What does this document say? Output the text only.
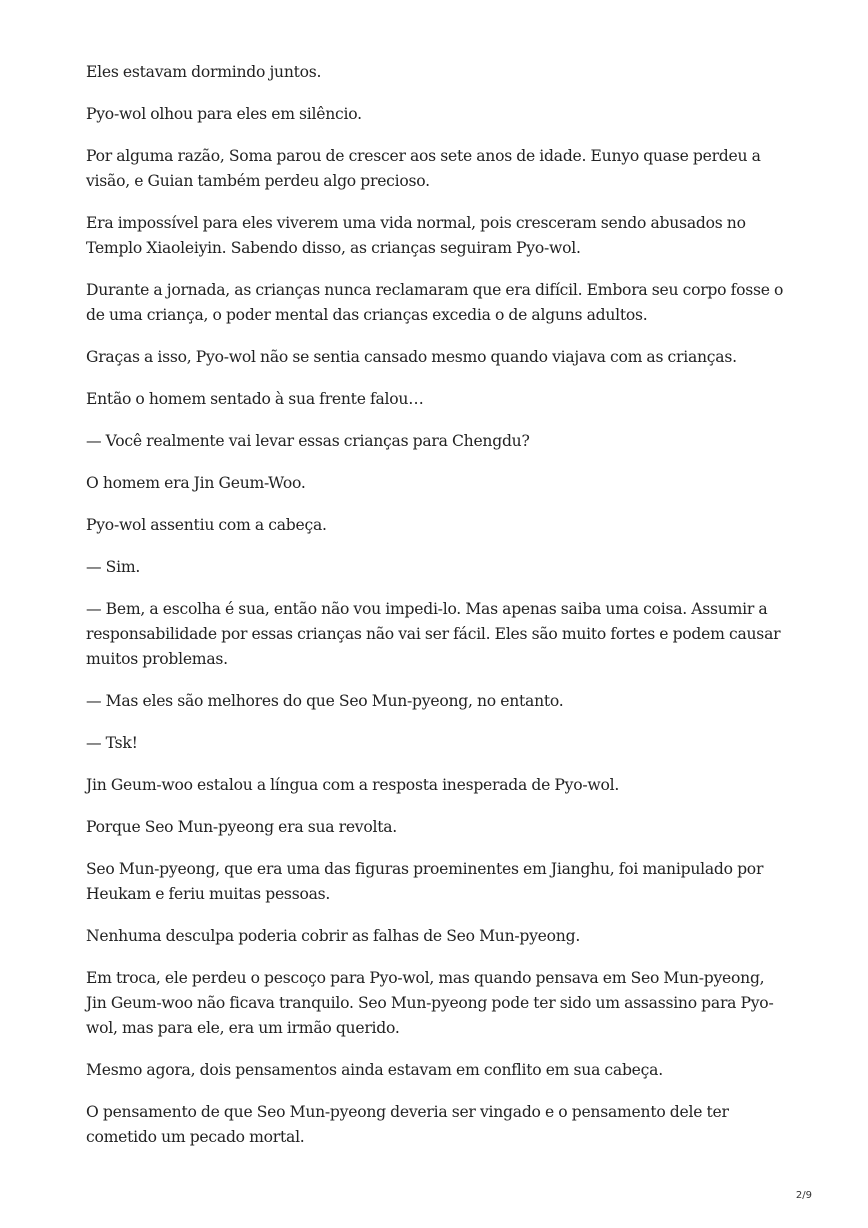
Eles estavam dormindo juntos.

Pyo-wol olhou para eles em silêncio.

Por alguma razão, Soma parou de crescer aos sete anos de idade. Eunyo quase perdeu a visão, e Guian também perdeu algo precioso.

Era impossível para eles viverem uma vida normal, pois cresceram sendo abusados no Templo Xiaoleiyin. Sabendo disso, as crianças seguiram Pyo-wol.

Durante a jornada, as crianças nunca reclamaram que era difícil. Embora seu corpo fosse o de uma criança, o poder mental das crianças excedia o de alguns adultos.

Graças a isso, Pyo-wol não se sentia cansado mesmo quando viajava com as crianças.

Então o homem sentado à sua frente falou…

— Você realmente vai levar essas crianças para Chengdu?

O homem era Jin Geum-Woo.

Pyo-wol assentiu com a cabeça.

— Sim.

— Bem, a escolha é sua, então não vou impedi-lo. Mas apenas saiba uma coisa. Assumir a responsabilidade por essas crianças não vai ser fácil. Eles são muito fortes e podem causar muitos problemas.

— Mas eles são melhores do que Seo Mun-pyeong, no entanto.

— Tsk!

Jin Geum-woo estalou a língua com a resposta inesperada de Pyo-wol.

Porque Seo Mun-pyeong era sua revolta.

Seo Mun-pyeong, que era uma das figuras proeminentes em Jianghu, foi manipulado por Heukam e feriu muitas pessoas.

Nenhuma desculpa poderia cobrir as falhas de Seo Mun-pyeong.

Em troca, ele perdeu o pescoço para Pyo-wol, mas quando pensava em Seo Mun-pyeong, Jin Geum-woo não ficava tranquilo. Seo Mun-pyeong pode ter sido um assassino para Pyo-wol, mas para ele, era um irmão querido.

Mesmo agora, dois pensamentos ainda estavam em conflito em sua cabeça.

O pensamento de que Seo Mun-pyeong deveria ser vingado e o pensamento dele ter cometido um pecado mortal.

2/9
